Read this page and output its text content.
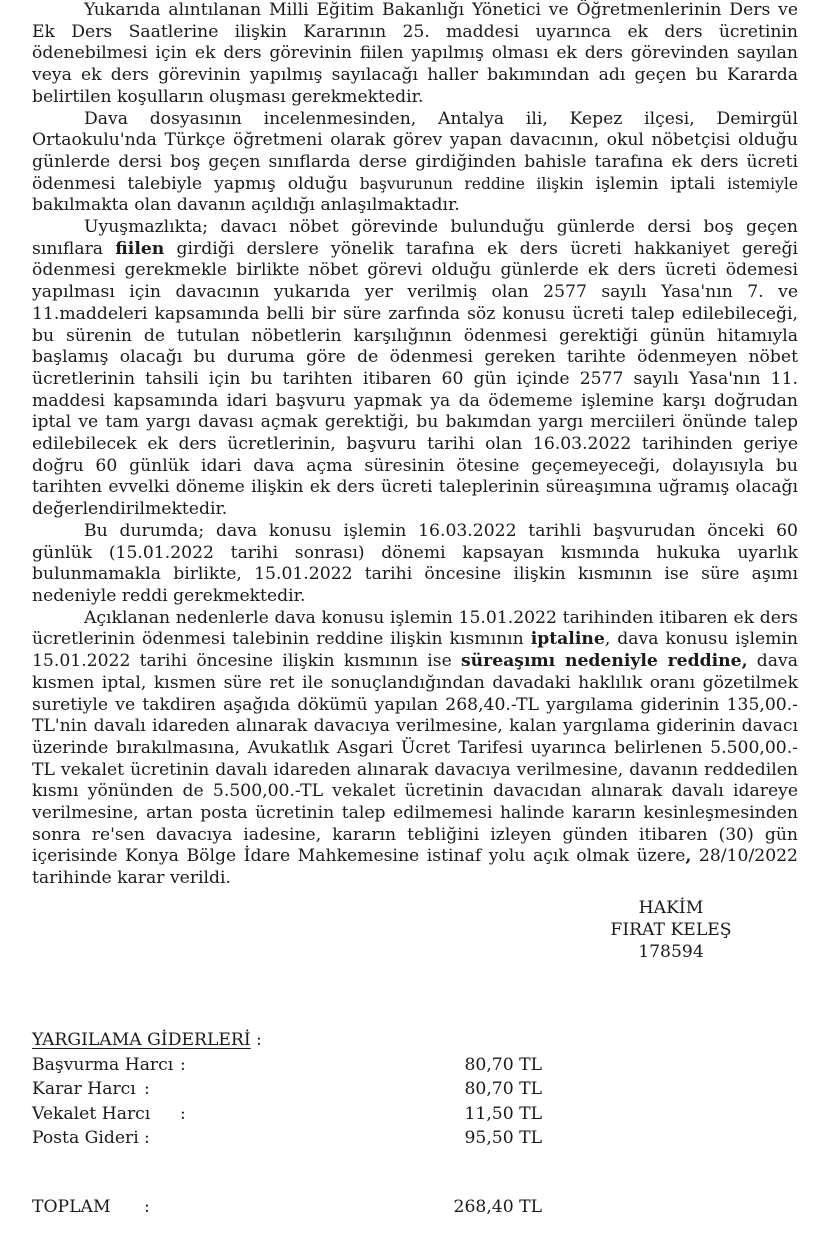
Yukarıda alıntılanan Milli Eğitim Bakanlığı Yönetici ve Öğretmenlerinin Ders ve Ek Ders Saatlerine ilişkin Kararının 25. maddesi uyarınca ek ders ücretinin ödenebilmesi için ek ders görevinin fiilen yapılmış olması ek ders görevinden sayılan veya ek ders görevinin yapılmış sayılacağı haller bakımından adı geçen bu Kararda belirtilen koşulların oluşması gerekmektedir.

Dava dosyasının incelenmesinden, Antalya ili, Kepez ilçesi, Demirgül Ortaokulu'nda Türkçe öğretmeni olarak görev yapan davacının, okul nöbetçisi olduğu günlerde dersi boş geçen sınıflarda derse girdiğinden bahisle tarafına ek ders ücreti ödenmesi talebiyle yapmış olduğu başvurunun reddine ilişkin işlemin iptali istemiyle bakılmakta olan davanın açıldığı anlaşılmaktadır.

Uyuşmazlıkta; davacı nöbet görevinde bulunduğu günlerde dersi boş geçen sınıflara fiilen girdiği derslere yönelik tarafına ek ders ücreti hakkaniyet gereği ödenmesi gerekmekle birlikte nöbet görevi olduğu günlerde ek ders ücreti ödemesi yapılması için davacının yukarıda yer verilmiş olan 2577 sayılı Yasa'nın 7. ve 11.maddeleri kapsamında belli bir süre zarfında söz konusu ücreti talep edilebileceği, bu sürenin de tutulan nöbetlerin karşılığının ödenmesi gerektiği günün hitamıyla başlamış olacağı bu duruma göre de ödenmesi gereken tarihte ödenmeyen nöbet ücretlerinin tahsili için bu tarihten itibaren 60 gün içinde 2577 sayılı Yasa'nın 11. maddesi kapsamında idari başvuru yapmak ya da ödememe işlemine karşı doğrudan iptal ve tam yargı davası açmak gerektiği, bu bakımdan yargı merciileri önünde talep edilebilecek ek ders ücretlerinin, başvuru tarihi olan 16.03.2022 tarihinden geriye doğru 60 günlük idari dava açma süresinin ötesine geçemeyeceği, dolayısıyla bu tarihten evvelki döneme ilişkin ek ders ücreti taleplerinin süreaşımına uğramış olacağı değerlendirilmektedir.

Bu durumda; dava konusu işlemin 16.03.2022 tarihli başvurudan önceki 60 günlük (15.01.2022 tarihi sonrası) dönemi kapsayan kısmında hukuka uyarlık bulunmamakla birlikte, 15.01.2022 tarihi öncesine ilişkin kısmının ise süre aşımı nedeniyle reddi gerekmektedir.

Açıklanan nedenlerle dava konusu işlemin 15.01.2022 tarihinden itibaren ek ders ücretlerinin ödenmesi talebinin reddine ilişkin kısmının iptaline, dava konusu işlemin 15.01.2022 tarihi öncesine ilişkin kısmının ise süreaşımı nedeniyle reddine, dava kısmen iptal, kısmen süre ret ile sonuçlandığından davadaki haklılık oranı gözetilmek suretiyle ve takdiren aşağıda dökümü yapılan 268,40.-TL yargılama giderinin 135,00.-TL'nin davalı idareden alınarak davacıya verilmesine, kalan yargılama giderinin davacı üzerinde bırakılmasına, Avukatlık Asgari Ücret Tarifesi uyarınca belirlenen 5.500,00.-TL vekalet ücretinin davalı idareden alınarak davacıya verilmesine, davanın reddedilen kısmı yönünden de 5.500,00.-TL vekalet ücretinin davacıdan alınarak davalı idareye verilmesine, artan posta ücretinin talep edilmemesi halinde kararın kesinleşmesinden sonra re'sen davacıya iadesine, kararın tebliğini izleyen günden itibaren (30) gün içerisinde Konya Bölge İdare Mahkemesine istinaf yolu açık olmak üzere, 28/10/2022 tarihinde karar verildi.

HAKİM
FIRAT KELEŞ
178594
YARGILAMA GİDERLERİ :
Başvurma Harcı :	80,70 TL
Karar Harcı :	80,70 TL
Vekalet Harcı :	11,50 TL
Posta Gideri :	95,50 TL
TOPLAM :	268,40 TL
